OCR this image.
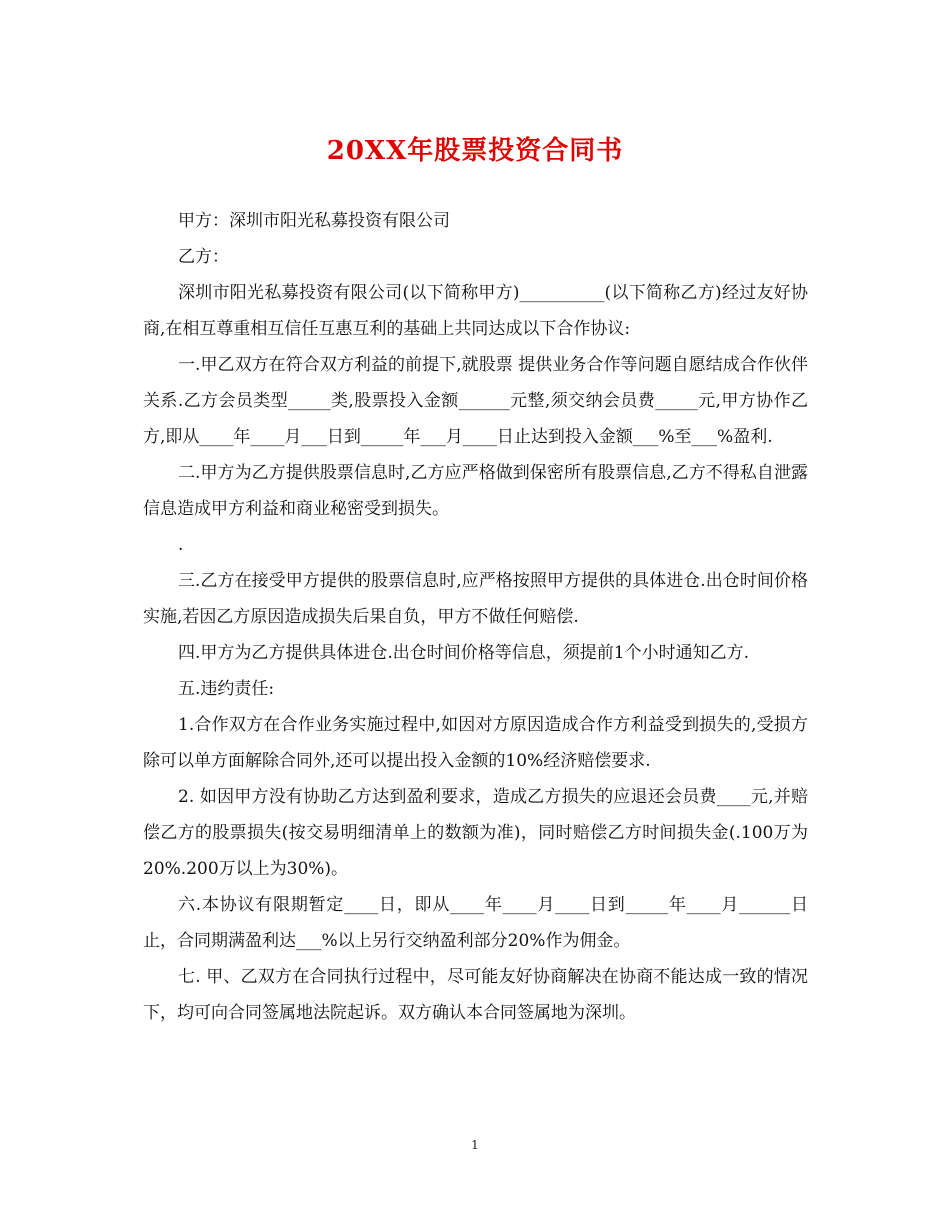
20XX年股票投资合同书

甲方：深圳市阳光私募投资有限公司

乙方：

深圳市阳光私募投资有限公司(以下简称甲方)__________(以下简称乙方)经过友好协商,在相互尊重相互信任互惠互利的基础上共同达成以下合作协议:

一.甲乙双方在符合双方利益的前提下,就股票 提供业务合作等问题自愿结成合作伙伴关系.乙方会员类型_____类,股票投入金额______元整,须交纳会员费_____元,甲方协作乙方,即从____年____月___日到_____年___月____日止达到投入金额___%至___%盈利.

二.甲方为乙方提供股票信息时,乙方应严格做到保密所有股票信息,乙方不得私自泄露信息造成甲方利益和商业秘密受到损失。

.

三.乙方在接受甲方提供的股票信息时,应严格按照甲方提供的具体进仓.出仓时间价格实施,若因乙方原因造成损失后果自负，甲方不做任何赔偿.

四.甲方为乙方提供具体进仓.出仓时间价格等信息，须提前1个小时通知乙方.

五.违约责任:

1.合作双方在合作业务实施过程中,如因对方原因造成合作方利益受到损失的,受损方除可以单方面解除合同外,还可以提出投入金额的10%经济赔偿要求.

2. 如因甲方没有协助乙方达到盈利要求，造成乙方损失的应退还会员费____元,并赔偿乙方的股票损失(按交易明细清单上的数额为准)，同时赔偿乙方时间损失金(.100万为20%.200万以上为30%)。

六.本协议有限期暂定____日，即从____年____月____日到_____年____月______日止，合同期满盈利达___%以上另行交纳盈利部分20%作为佣金。

七. 甲、乙双方在合同执行过程中，尽可能友好协商解决在协商不能达成一致的情况下，均可向合同签属地法院起诉。双方确认本合同签属地为深圳。

1
